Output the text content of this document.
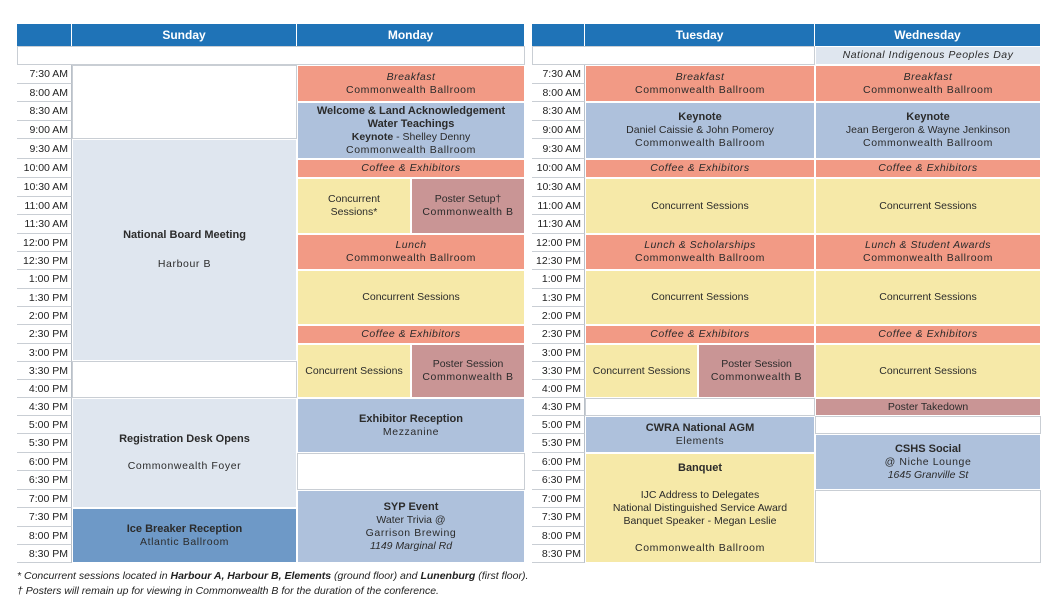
Sunday	Monday
7:30 AM
8:00 AM
8:30 AM
9:00 AM
9:30 AM
10:00 AM
10:30 AM
11:00 AM
11:30 AM
12:00 PM
12:30 PM
1:00 PM
1:30 PM
2:00 PM
2:30 PM
3:00 PM
3:30 PM
4:00 PM
4:30 PM
5:00 PM
5:30 PM
6:00 PM
6:30 PM
7:00 PM
7:30 PM
8:00 PM
8:30 PM
National Board Meeting
Harbour B
Registration Desk Opens
Commonwealth Foyer
Ice Breaker Reception
Atlantic Ballroom
Breakfast
Commonwealth Ballroom
Welcome & Land Acknowledgement
Water Teachings
Keynote - Shelley Denny
Commonwealth Ballroom
Coffee & Exhibitors
Concurrent Sessions*
Poster Setup†
Commonwealth B
Lunch
Commonwealth Ballroom
Concurrent Sessions
Coffee & Exhibitors
Concurrent Sessions
Poster Session
Commonwealth B
Exhibitor Reception
Mezzanine
SYP Event
Water Trivia @
Garrison Brewing
1149 Marginal Rd
Tuesday	Wednesday
National Indigenous Peoples Day
7:30 AM
8:00 AM
8:30 AM
9:00 AM
9:30 AM
10:00 AM
10:30 AM
11:00 AM
11:30 AM
12:00 PM
12:30 PM
1:00 PM
1:30 PM
2:00 PM
2:30 PM
3:00 PM
3:30 PM
4:00 PM
4:30 PM
5:00 PM
5:30 PM
6:00 PM
6:30 PM
7:00 PM
7:30 PM
8:00 PM
8:30 PM
Breakfast
Commonwealth Ballroom
Keynote
Daniel Caissie & John Pomeroy
Commonwealth Ballroom
Coffee & Exhibitors
Concurrent Sessions
Lunch & Scholarships
Commonwealth Ballroom
Concurrent Sessions
Coffee & Exhibitors
Concurrent Sessions
Poster Session
Commonwealth B
CWRA National AGM
Elements
Banquet
IJC Address to Delegates
National Distinguished Service Award
Banquet Speaker - Megan Leslie
Commonwealth Ballroom
Breakfast
Commonwealth Ballroom
Keynote
Jean Bergeron & Wayne Jenkinson
Commonwealth Ballroom
Coffee & Exhibitors
Concurrent Sessions
Lunch & Student Awards
Commonwealth Ballroom
Concurrent Sessions
Coffee & Exhibitors
Concurrent Sessions
Poster Takedown
CSHS Social
@ Niche Lounge
1645 Granville St
* Concurrent sessions located in Harbour A, Harbour B, Elements (ground floor) and Lunenburg (first floor).
† Posters will remain up for viewing in Commonwealth B for the duration of the conference.
